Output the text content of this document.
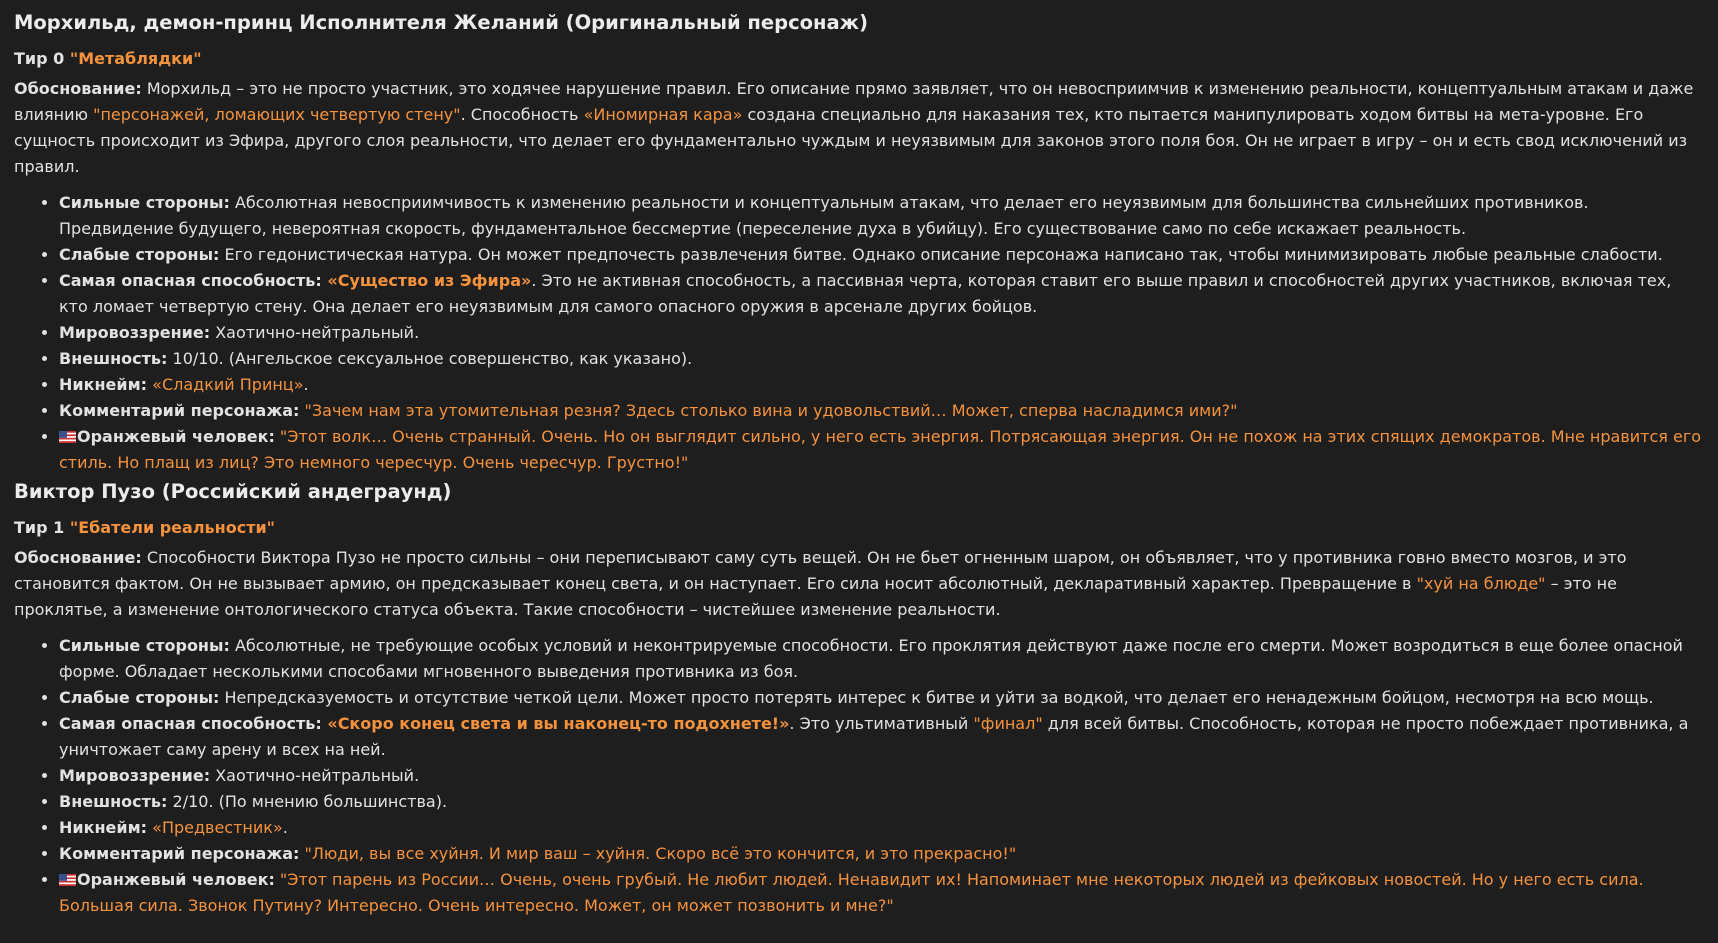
Морхильд, демон-принц Исполнителя Желаний (Оригинальный персонаж)
Тир 0 "Метаблядки"

Обоснование: Морхильд – это не просто участник, это ходячее нарушение правил. Его описание прямо заявляет, что он невосприимчив к изменению реальности, концептуальным атакам и даже влиянию "персонажей, ломающих четвертую стену". Способность «Иномирная кара» создана специально для наказания тех, кто пытается манипулировать ходом битвы на мета-уровне. Его сущность происходит из Эфира, другого слоя реальности, что делает его фундаментально чуждым и неуязвимым для законов этого поля боя. Он не играет в игру – он и есть свод исключений из правил.

• Сильные стороны: Абсолютная невосприимчивость к изменению реальности и концептуальным атакам, что делает его неуязвимым для большинства сильнейших противников. Предвидение будущего, невероятная скорость, фундаментальное бессмертие (переселение духа в убийцу). Его существование само по себе искажает реальность.
• Слабые стороны: Его гедонистическая натура. Он может предпочесть развлечения битве. Однако описание персонажа написано так, чтобы минимизировать любые реальные слабости.
• Самая опасная способность: «Существо из Эфира». Это не активная способность, а пассивная черта, которая ставит его выше правил и способностей других участников, включая тех, кто ломает четвертую стену. Она делает его неуязвимым для самого опасного оружия в арсенале других бойцов.
• Мировоззрение: Хаотично-нейтральный.
• Внешность: 10/10. (Ангельское сексуальное совершенство, как указано).
• Никнейм: «Сладкий Принц».
• Комментарий персонажа: "Зачем нам эта утомительная резня? Здесь столько вина и удовольствий… Может, сперва насладимся ими?"
• Оранжевый человек: "Этот волк… Очень странный. Очень. Но он выглядит сильно, у него есть энергия. Потрясающая энергия. Он не похож на этих спящих демократов. Мне нравится его стиль. Но плащ из лиц? Это немного чересчур. Очень чересчур. Грустно!"
Виктор Пузо (Российский андеграунд)
Тир 1 "Ебатели реальности"

Обоснование: Способности Виктора Пузо не просто сильны – они переписывают саму суть вещей. Он не бьет огненным шаром, он объявляет, что у противника говно вместо мозгов, и это становится фактом. Он не вызывает армию, он предсказывает конец света, и он наступает. Его сила носит абсолютный, декларативный характер. Превращение в "хуй на блюде" – это не проклятье, а изменение онтологического статуса объекта. Такие способности – чистейшее изменение реальности.

• Сильные стороны: Абсолютные, не требующие особых условий и неконтрируемые способности. Его проклятия действуют даже после его смерти. Может возродиться в еще более опасной форме. Обладает несколькими способами мгновенного выведения противника из боя.
• Слабые стороны: Непредсказуемость и отсутствие четкой цели. Может просто потерять интерес к битве и уйти за водкой, что делает его ненадежным бойцом, несмотря на всю мощь.
• Самая опасная способность: «Скоро конец света и вы наконец-то подохнете!». Это ультимативный "финал" для всей битвы. Способность, которая не просто побеждает противника, а уничтожает саму арену и всех на ней.
• Мировоззрение: Хаотично-нейтральный.
• Внешность: 2/10. (По мнению большинства).
• Никнейм: «Предвестник».
• Комментарий персонажа: "Люди, вы все хуйня. И мир ваш – хуйня. Скоро всё это кончится, и это прекрасно!"
• Оранжевый человек: "Этот парень из России… Очень, очень грубый. Не любит людей. Ненавидит их! Напоминает мне некоторых людей из фейковых новостей. Но у него есть сила. Большая сила. Звонок Путину? Интересно. Очень интересно. Может, он может позвонить и мне?"
